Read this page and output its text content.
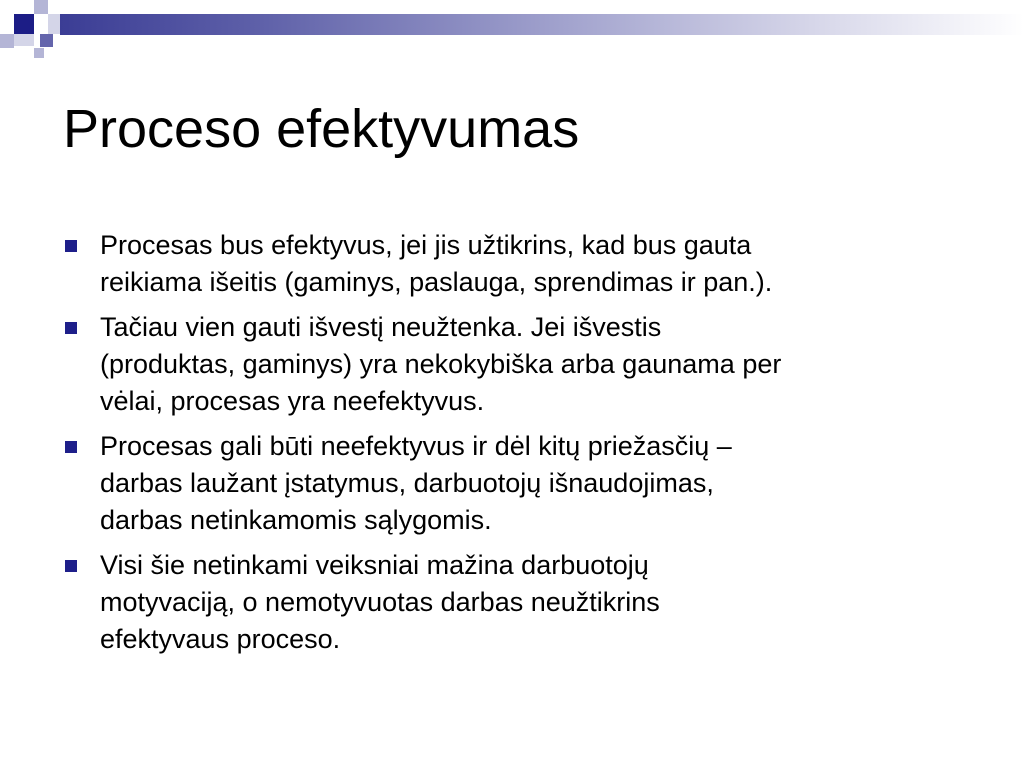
Proceso efektyvumas
Procesas bus efektyvus, jei jis užtikrins, kad bus gauta
reikiama išeitis (gaminys, paslauga, sprendimas ir pan.).
Tačiau vien gauti išvestį neužtenka. Jei išvestis
(produktas, gaminys) yra nekokybiška arba gaunama per
vėlai, procesas yra neefektyvus.
Procesas gali būti neefektyvus ir dėl kitų priežasčių –
darbas laužant įstatymus, darbuotojų išnaudojimas,
darbas netinkamomis sąlygomis.
Visi šie netinkami veiksniai mažina darbuotojų
motyvaciją, o nemotyvuotas darbas neužtikrins
efektyvaus proceso.
